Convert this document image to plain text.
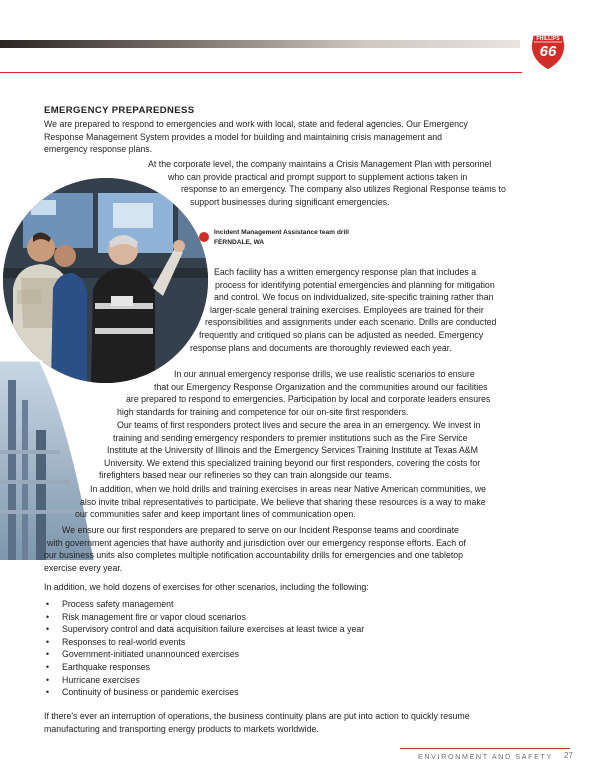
PHILLIPS
66
EMERGENCY PREPAREDNESS

We are prepared to respond to emergencies and work with local, state and federal agencies. Our Emergency
Response Management System provides a model for building and maintaining crisis management and
emergency response plans.

Incident Management Assistance team drill
FERNDALE, WA

At the corporate level, the company maintains a Crisis Management Plan with personnel
who can provide practical and prompt support to supplement actions taken in
response to an emergency. The company also utilizes Regional Response teams to
support businesses during significant emergencies.

Each facility has a written emergency response plan that includes a
process for identifying potential emergencies and planning for mitigation
and control. We focus on individualized, site-specific training rather than
larger-scale general training exercises. Employees are trained for their
responsibilities and assignments under each scenario. Drills are conducted
frequently and critiqued so plans can be adjusted as needed. Emergency
response plans and documents are thoroughly reviewed each year.

In our annual emergency response drills, we use realistic scenarios to ensure
that our Emergency Response Organization and the communities around our facilities
are prepared to respond to emergencies. Participation by local and corporate leaders ensures
high standards for training and competence for our on-site first responders.

Our teams of first responders protect lives and secure the area in an emergency. We invest in
training and sending emergency responders to premier institutions such as the Fire Service
Institute at the University of Illinois and the Emergency Services Training Institute at Texas A&M
University. We extend this specialized training beyond our first responders, covering the costs for
firefighters based near our refineries so they can train alongside our teams.

In addition, when we hold drills and training exercises in areas near Native American communities, we
also invite tribal representatives to participate. We believe that sharing these resources is a way to make
our communities safer and keep important lines of communication open.

We ensure our first responders are prepared to serve on our Incident Response teams and coordinate
with government agencies that have authority and jurisdiction over our emergency response efforts. Each of
our business units also completes multiple notification accountability drills for emergencies and one tabletop
exercise every year.

In addition, we hold dozens of exercises for other scenarios, including the following:

• Process safety management
• Risk management fire or vapor cloud scenarios
• Supervisory control and data acquisition failure exercises at least twice a year
• Responses to real-world events
• Government-initiated unannounced exercises
• Earthquake responses
• Hurricane exercises
• Continuity of business or pandemic exercises

If there's ever an interruption of operations, the business continuity plans are put into action to quickly resume
manufacturing and transporting energy products to markets worldwide.

ENVIRONMENT AND SAFETY 27
